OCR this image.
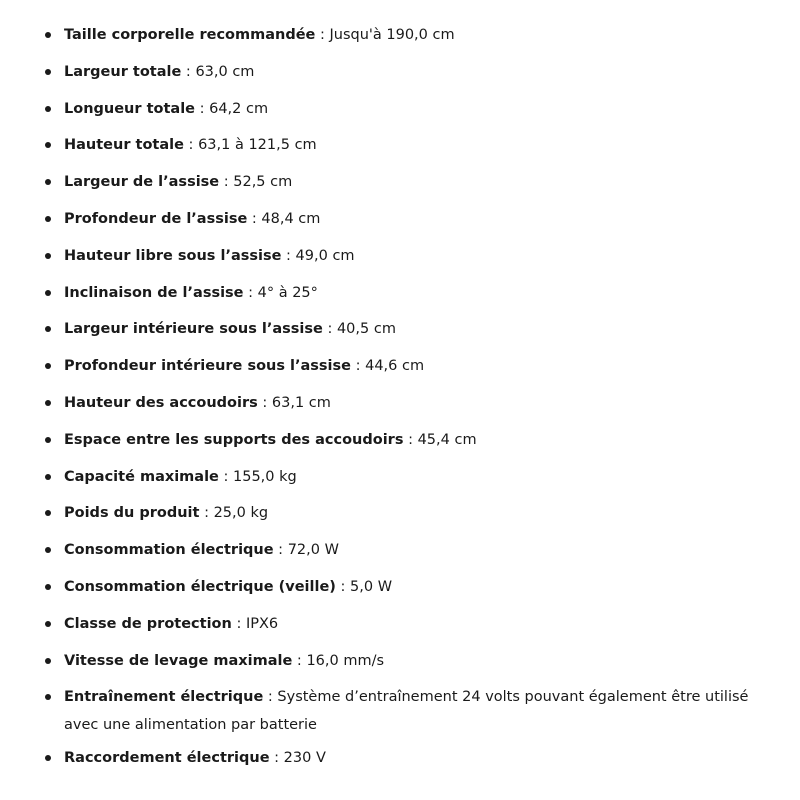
Taille corporelle recommandée : Jusqu'à 190,0 cm
Largeur totale : 63,0 cm
Longueur totale : 64,2 cm
Hauteur totale : 63,1 à 121,5 cm
Largeur de l’assise : 52,5 cm
Profondeur de l’assise : 48,4 cm
Hauteur libre sous l’assise : 49,0 cm
Inclinaison de l’assise : 4° à 25°
Largeur intérieure sous l’assise : 40,5 cm
Profondeur intérieure sous l’assise : 44,6 cm
Hauteur des accoudoirs : 63,1 cm
Espace entre les supports des accoudoirs : 45,4 cm
Capacité maximale : 155,0 kg
Poids du produit : 25,0 kg
Consommation électrique : 72,0 W
Consommation électrique (veille) : 5,0 W
Classe de protection : IPX6
Vitesse de levage maximale : 16,0 mm/s
Entraînement électrique : Système d’entraînement 24 volts pouvant également être utilisé avec une alimentation par batterie
Raccordement électrique : 230 V
